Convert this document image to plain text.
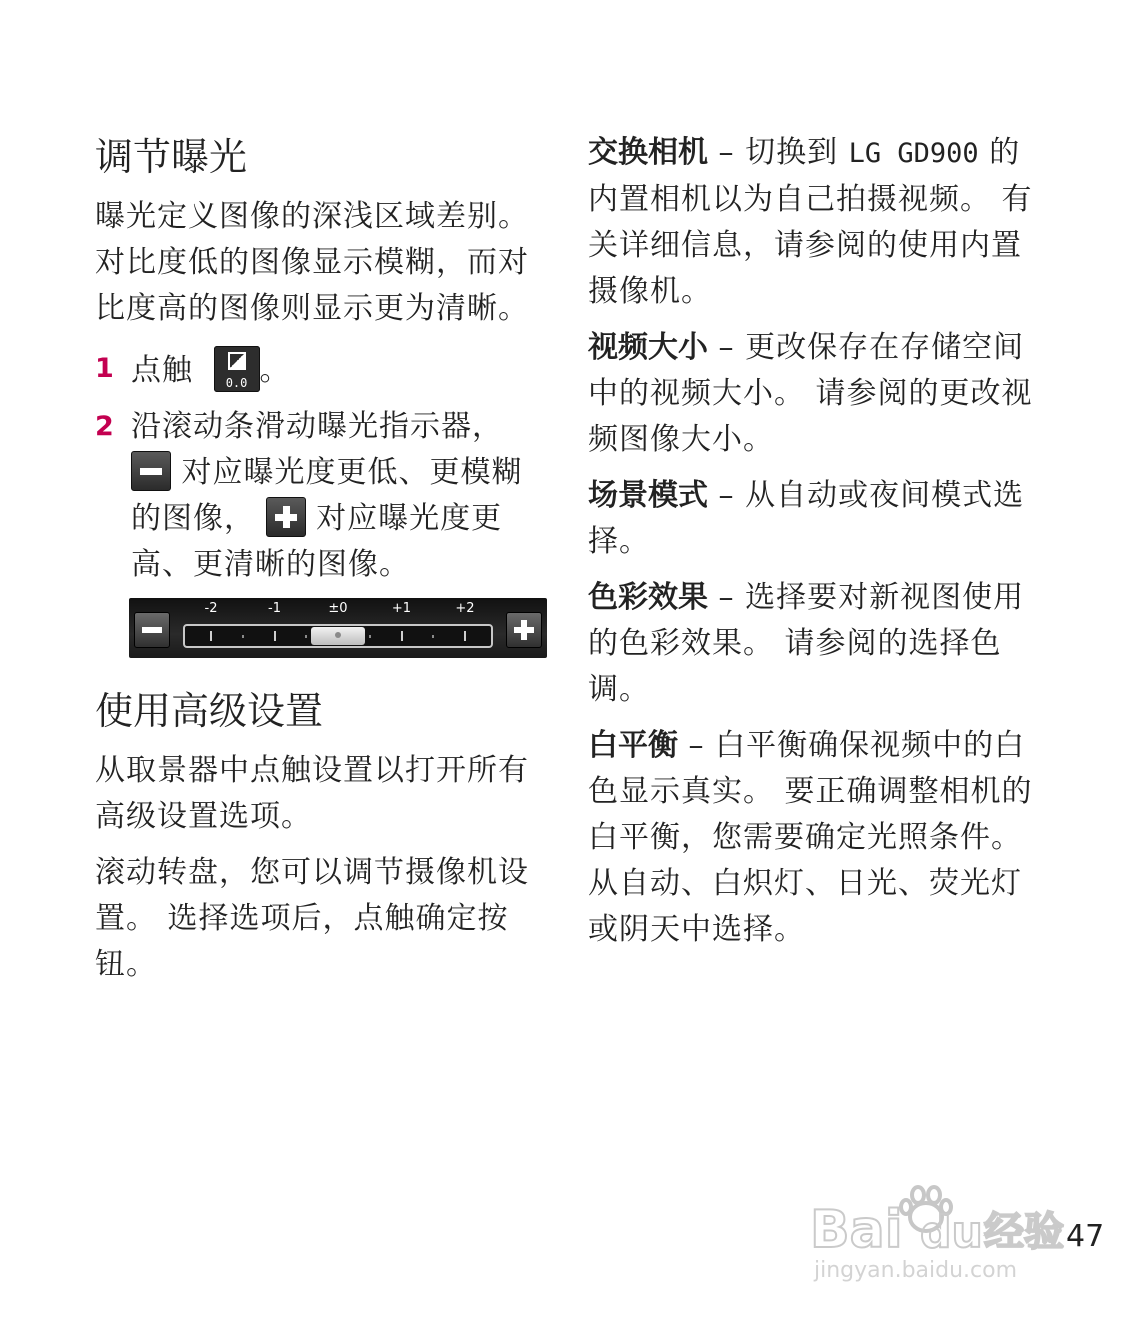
调节曝光

曝光定义图像的深浅区域差别。

对比度低的图像显示模糊，而对比度高的图像则显示更为清晰。

1 点触	0.0 。

2 沿滚动条滑动曝光指示器，
对应曝光度更低、更模糊的图像， 对应曝光度更高、更清晰的图像。

-2	-1	±0	+1	+2
使用高级设置

从取景器中点触设置以打开所有高级设置选项。

滚动转盘，您可以调节摄像机设置。 选择选项后，点触确定按钮。

交换相机 – 切换到 LG GD900 的内置相机以为自己拍摄视频。 有关详细信息，请参阅的使用内置摄像机。

视频大小 – 更改保存在存储空间中的视频大小。 请参阅的更改视频图像大小。

场景模式 – 从自动或夜间模式选择。

色彩效果 – 选择要对新视图使用的色彩效果。 请参阅的选择色调。

白平衡 – 白平衡确保视频中的白色显示真实。 要正确调整相机的白平衡，您需要确定光照条件。 从自动、白炽灯、日光、荧光灯或阴天中选择。

Bai du 经验
jingyan.baidu.com
47
